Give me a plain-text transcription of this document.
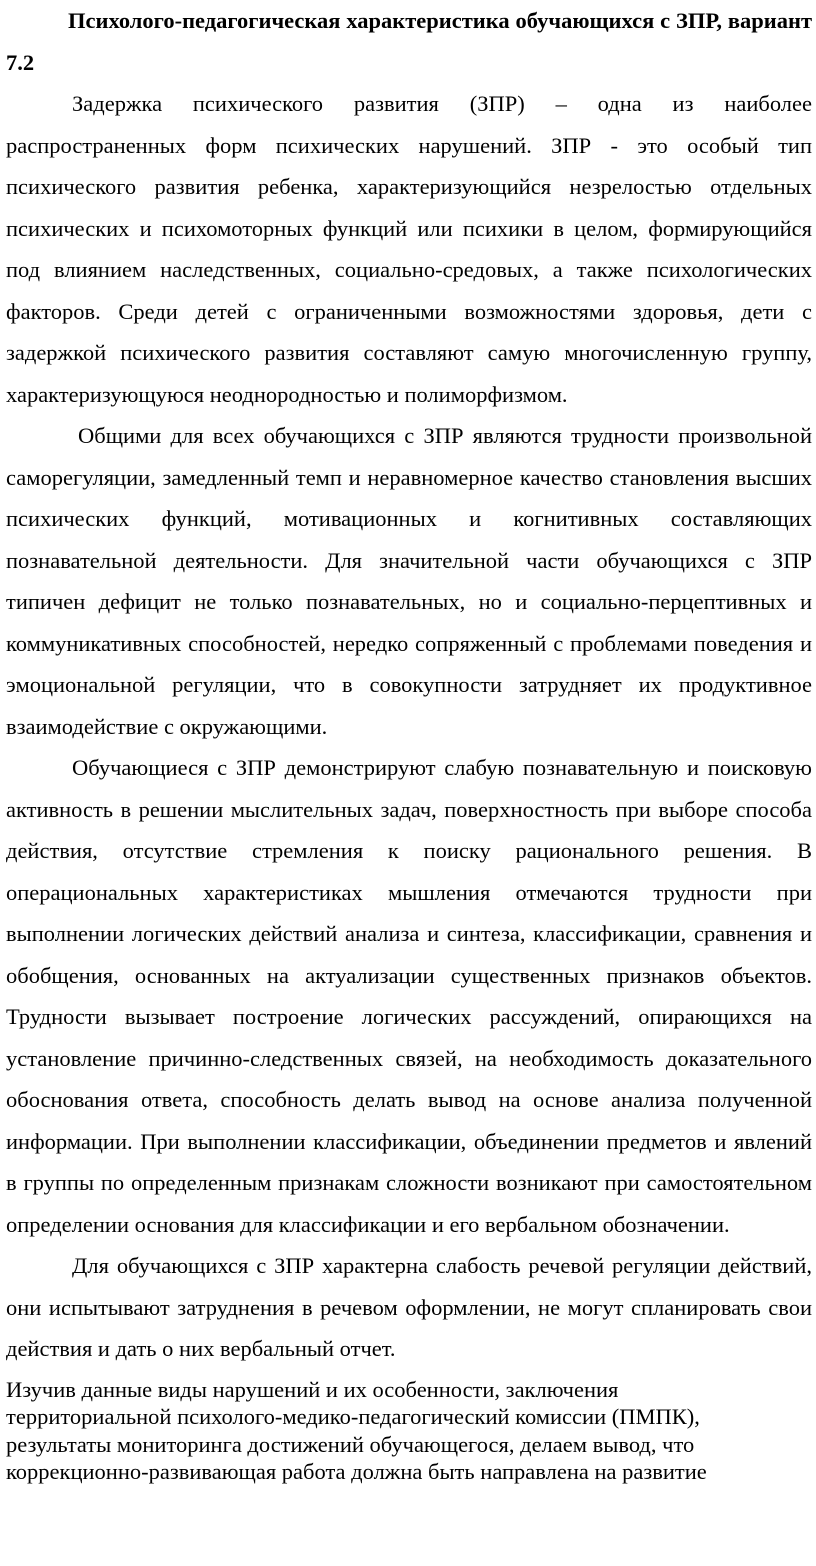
Психолого-педагогическая характеристика обучающихся с ЗПР, вариант 7.2

Задержка психического развития (ЗПР) – одна из наиболее распространенных форм психических нарушений. ЗПР - это особый тип психического развития ребенка, характеризующийся незрелостью отдельных психических и психомоторных функций или психики в целом, формирующийся под влиянием наследственных, социально-средовых, а также психологических факторов. Среди детей с ограниченными возможностями здоровья, дети с задержкой психического развития составляют самую многочисленную группу, характеризующуюся неоднородностью и полиморфизмом.

Общими для всех обучающихся с ЗПР являются трудности произвольной саморегуляции, замедленный темп и неравномерное качество становления высших психических функций, мотивационных и когнитивных составляющих познавательной деятельности. Для значительной части обучающихся с ЗПР типичен дефицит не только познавательных, но и социально-перцептивных и коммуникативных способностей, нередко сопряженный с проблемами поведения и эмоциональной регуляции, что в совокупности затрудняет их продуктивное взаимодействие с окружающими.

Обучающиеся с ЗПР демонстрируют слабую познавательную и поисковую активность в решении мыслительных задач, поверхностность при выборе способа действия, отсутствие стремления к поиску рационального решения. В операциональных характеристиках мышления отмечаются трудности при выполнении логических действий анализа и синтеза, классификации, сравнения и обобщения, основанных на актуализации существенных признаков объектов. Трудности вызывает построение логических рассуждений, опирающихся на установление причинно-следственных связей, на необходимость доказательного обоснования ответа, способность делать вывод на основе анализа полученной информации. При выполнении классификации, объединении предметов и явлений в группы по определенным признакам сложности возникают при самостоятельном определении основания для классификации и его вербальном обозначении.

Для обучающихся с ЗПР характерна слабость речевой регуляции действий, они испытывают затруднения в речевом оформлении, не могут спланировать свои действия и дать о них вербальный отчет.

Изучив данные виды нарушений и их особенности, заключения территориальной психолого-медико-педагогический комиссии (ПМПК), результаты мониторинга достижений обучающегося, делаем вывод, что коррекционно-развивающая работа должна быть направлена на развитие
